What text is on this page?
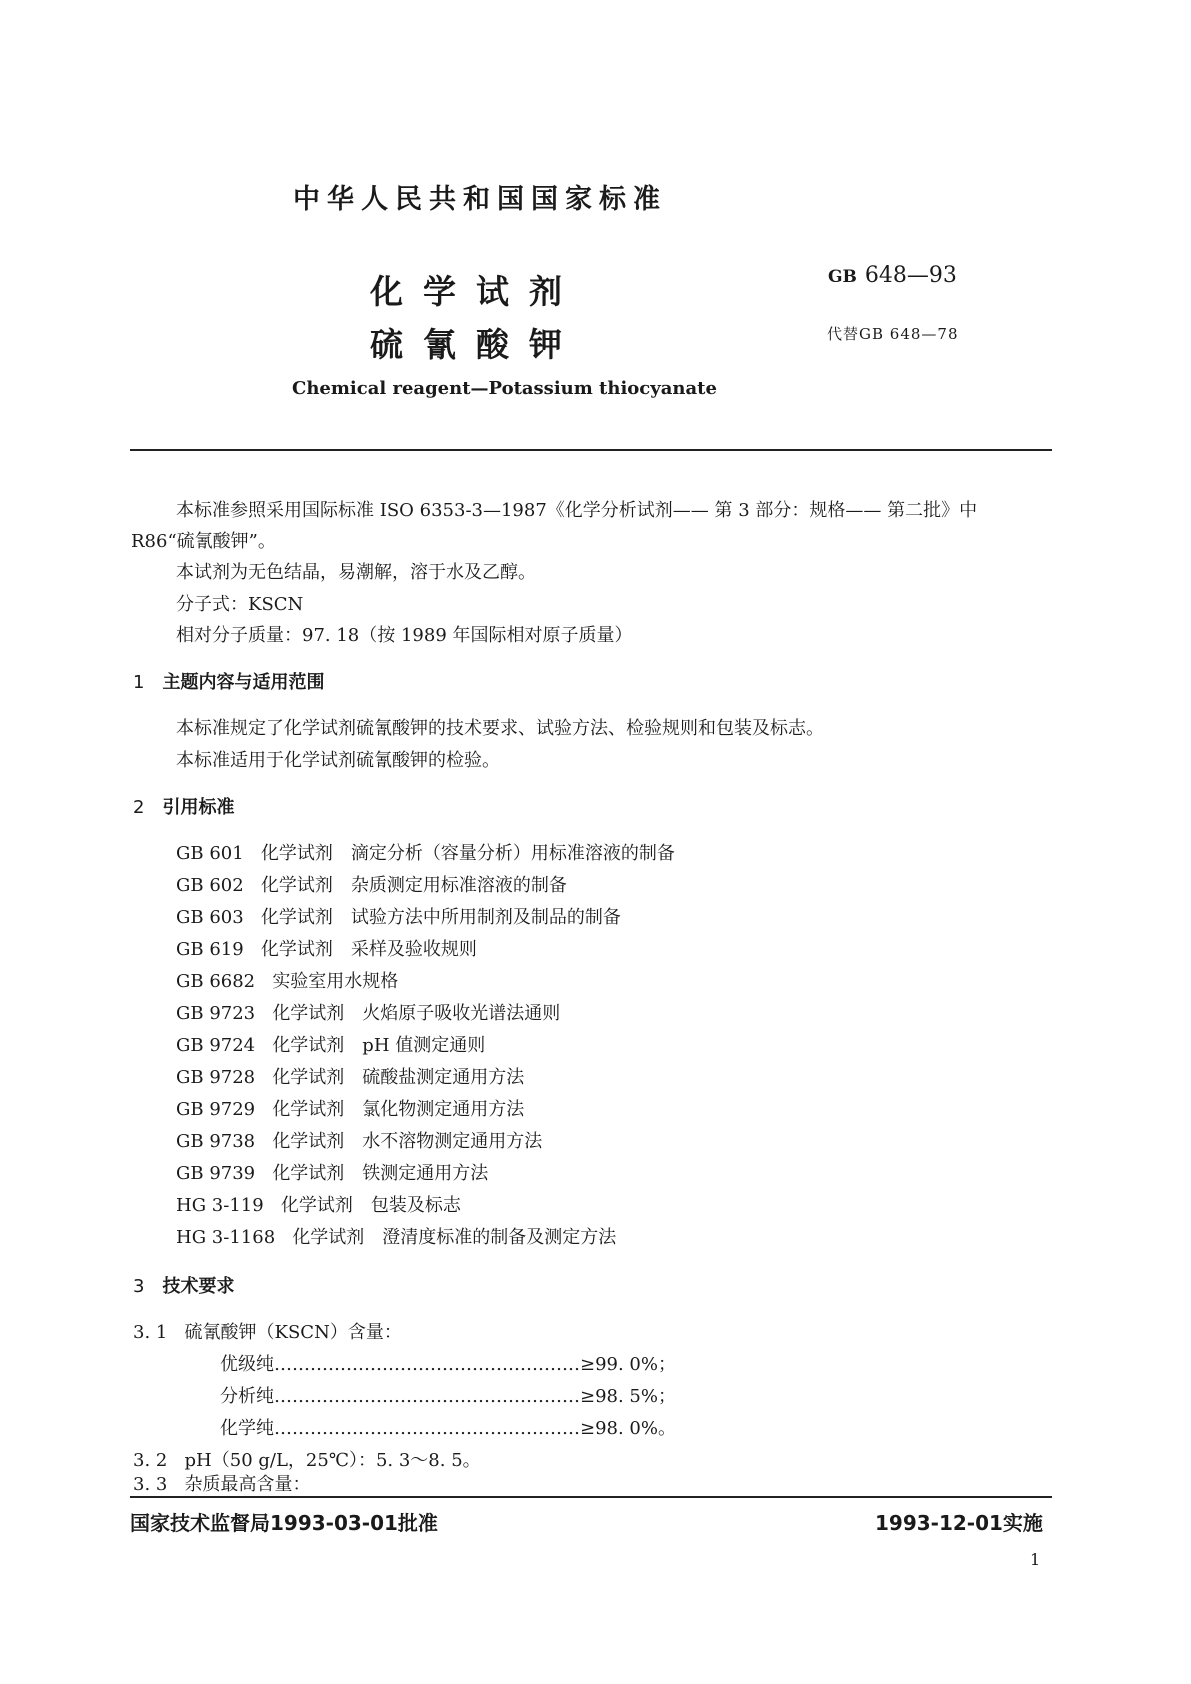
中华人民共和国国家标准
化学试剂
硫氰酸钾
GB 648—93
代替GB 648—78
Chemical reagent—Potassium thiocyanate
本标准参照采用国际标准 ISO 6353-3—1987《化学分析试剂—— 第 3 部分：规格—— 第二批》中
R86“硫氰酸钾”。
本试剂为无色结晶，易潮解，溶于水及乙醇。
分子式：KSCN
相对分子质量：97. 18（按 1989 年国际相对原子质量）
1 主题内容与适用范围
本标准规定了化学试剂硫氰酸钾的技术要求、试验方法、检验规则和包装及标志。
本标准适用于化学试剂硫氰酸钾的检验。
2 引用标准
GB 601 化学试剂　滴定分析（容量分析）用标准溶液的制备
GB 602 化学试剂　杂质测定用标准溶液的制备
GB 603 化学试剂　试验方法中所用制剂及制品的制备
GB 619 化学试剂　采样及验收规则
GB 6682 实验室用水规格
GB 9723 化学试剂　火焰原子吸收光谱法通则
GB 9724 化学试剂　pH 值测定通则
GB 9728 化学试剂　硫酸盐测定通用方法
GB 9729 化学试剂　氯化物测定通用方法
GB 9738 化学试剂　水不溶物测定通用方法
GB 9739 化学试剂　铁测定通用方法
HG 3-119 化学试剂　包装及标志
HG 3-1168 化学试剂　澄清度标准的制备及测定方法
3 技术要求
3. 1 硫氰酸钾（KSCN）含量：
优级纯……………………………………………≥99. 0%；
分析纯……………………………………………≥98. 5%；
化学纯……………………………………………≥98. 0%。
3. 2 pH（50 g/L，25℃）：5. 3～8. 5。
3. 3 杂质最高含量：
国家技术监督局1993-03-01批准	1993-12-01实施
1
